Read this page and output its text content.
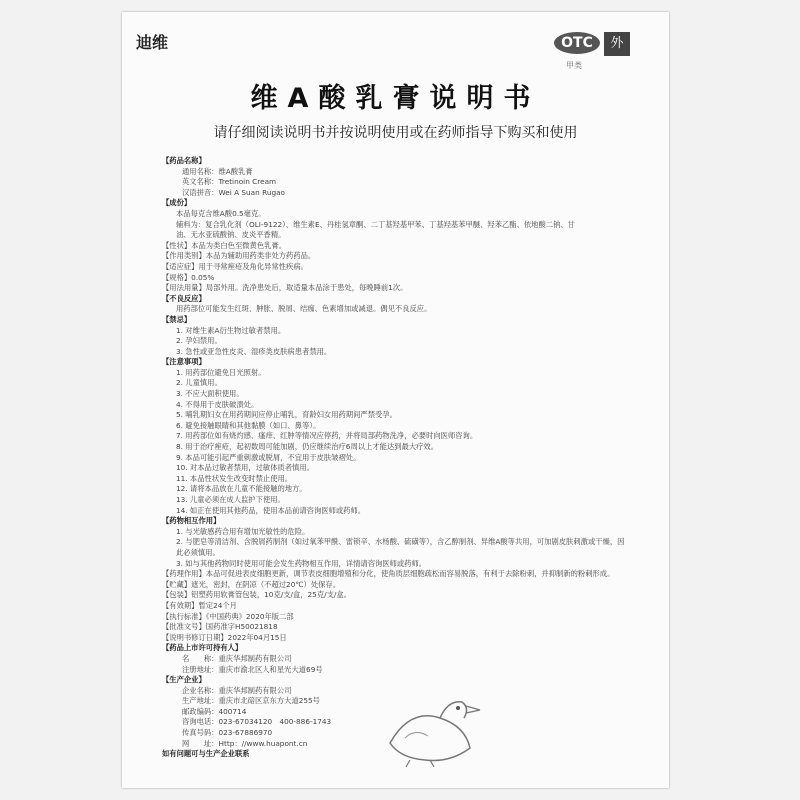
迪维	OTC	外
甲类
维A酸乳膏说明书
请仔细阅读说明书并按说明使用或在药师指导下购买和使用
【药品名称】
通用名称：维A酸乳膏
英文名称：Tretinoin Cream
汉语拼音：Wei A Suan Rugao
【成份】
本品每克含维A酸0.5毫克。
辅料为：复合乳化剂（OLI-9122）、维生素E、丹桂氢章酮、二丁基羟基甲苯、丁基羟基苯甲醚、羟苯乙酯、依地酸二钠、甘
油、无水亚硫酸钠、皮炎平香精。
【性状】本品为类白色至微黄色乳膏。
【作用类别】本品为辅助用药类非处方药药品。
【适应症】用于寻常痤疮及角化异常性疾病。
【规格】0.05%
【用法用量】局部外用。洗净患处后，取适量本品涂于患处，每晚睡前1次。
【不良反应】
用药部位可能发生红斑、肿胀、脱屑、结痂、色素增加或减退。偶见不良反应。
【禁忌】
1. 对维生素A衍生物过敏者禁用。
2. 孕妇禁用。
3. 急性或亚急性皮炎、湿疹类皮肤病患者禁用。
【注意事项】
1. 用药部位避免日光照射。
2. 儿童慎用。
3. 不应大面积使用。
4. 不得用于皮肤破溃处。
5. 哺乳期妇女在用药期间应停止哺乳，育龄妇女用药期间严禁受孕。
6. 避免接触眼睛和其他黏膜（如口、鼻等）。
7. 用药部位如有烧灼感、瘙痒、红肿等情况应停药，并将局部药物洗净，必要时向医师咨询。
8. 用于治疗痤疮，起初数周可能加剧，仍应继续治疗6周以上才能达到最大疗效。
9. 本品可能引起严重刺激或脱屑，不宜用于皮肤皱褶处。
10. 对本品过敏者禁用，过敏体质者慎用。
11. 本品性状发生改变时禁止使用。
12. 请将本品放在儿童不能接触的地方。
13. 儿童必须在成人监护下使用。
14. 如正在使用其他药品，使用本品前请咨询医师或药师。
【药物相互作用】
1. 与光敏感药合用有增加光敏性的危险。
2. 与肥皂等清洁剂、含脱屑药制剂（如过氧苯甲酰、雷锁辛、水杨酸、硫磺等），含乙醇制剂、异维A酸等共用，可加剧皮肤刺激或干燥，因此必须慎用。
3. 如与其他药物同时使用可能会发生药物相互作用，详情请咨询医师或药师。
【药理作用】本品可促进表皮细胞更新，调节表皮细胞增殖和分化，使角质层细胞疏松而容易脱落，有利于去除粉刺，并抑制新的粉刺形成。
【贮藏】遮光，密封，在阴凉（不超过20℃）处保存。
【包装】铝塑药用软膏管包装，10克/支/盒，25克/支/盒。
【有效期】暂定24个月
【执行标准】《中国药典》2020年版二部
【批准文号】国药准字H50021818
【说明书修订日期】2022年04月15日
【药品上市许可持有人】
名　　称：重庆华邦制药有限公司
注册地址：重庆市渝北区人和星光大道69号
【生产企业】
企业名称：重庆华邦制药有限公司
生产地址：重庆市北碚区京东方大道255号
邮政编码：400714
咨询电话：023-67034120　400-886-1743
传真号码：023-67886970
网　　址：Http：//www.huapont.cn
如有问题可与生产企业联系
